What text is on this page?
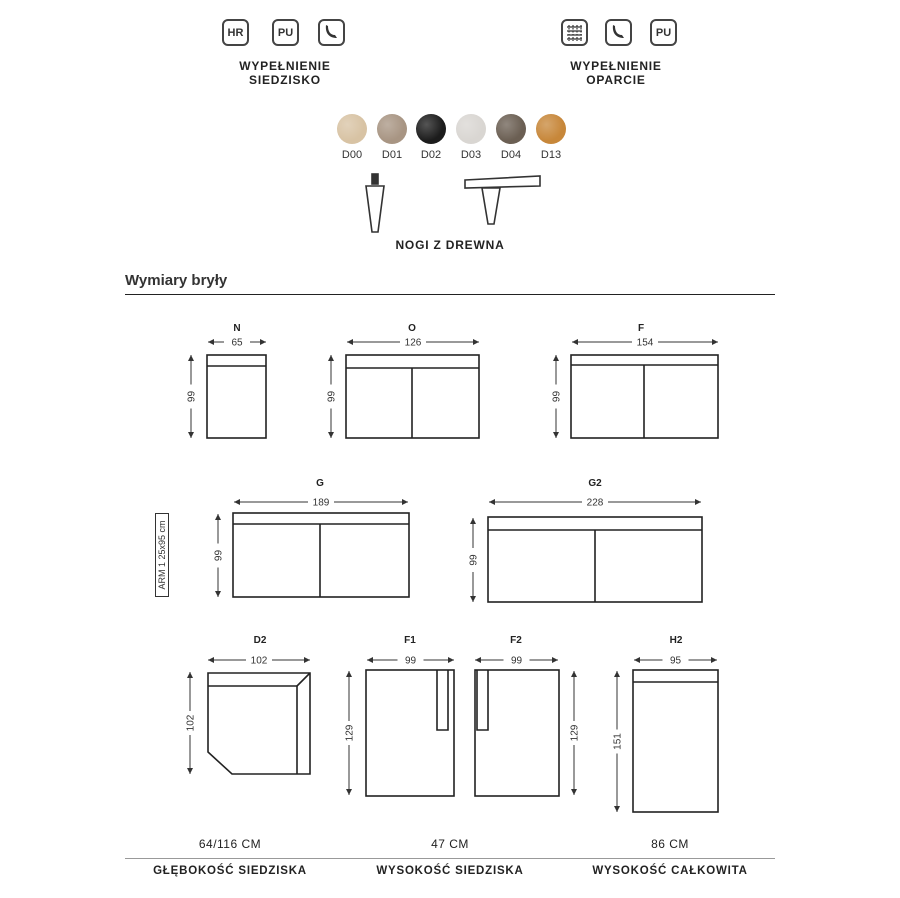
HR	PU
WYPEŁNIENIE
SIEDZISKO
PU
WYPEŁNIENIE
OPARCIE
D00	D01	D02	D03	D04	D13
NOGI Z DREWNA
Wymiary bryły
N
65
99
O
126
99
F
154
99
G
189
99
G2
228
99
D2
102
102
F1
99
129
F2
99
129
H2
95
151
ARM 1 25x95 cm
64/116 CM	47 CM	86 CM
GŁĘBOKOŚĆ SIEDZISKA	WYSOKOŚĆ SIEDZISKA	WYSOKOŚĆ CAŁKOWITA
